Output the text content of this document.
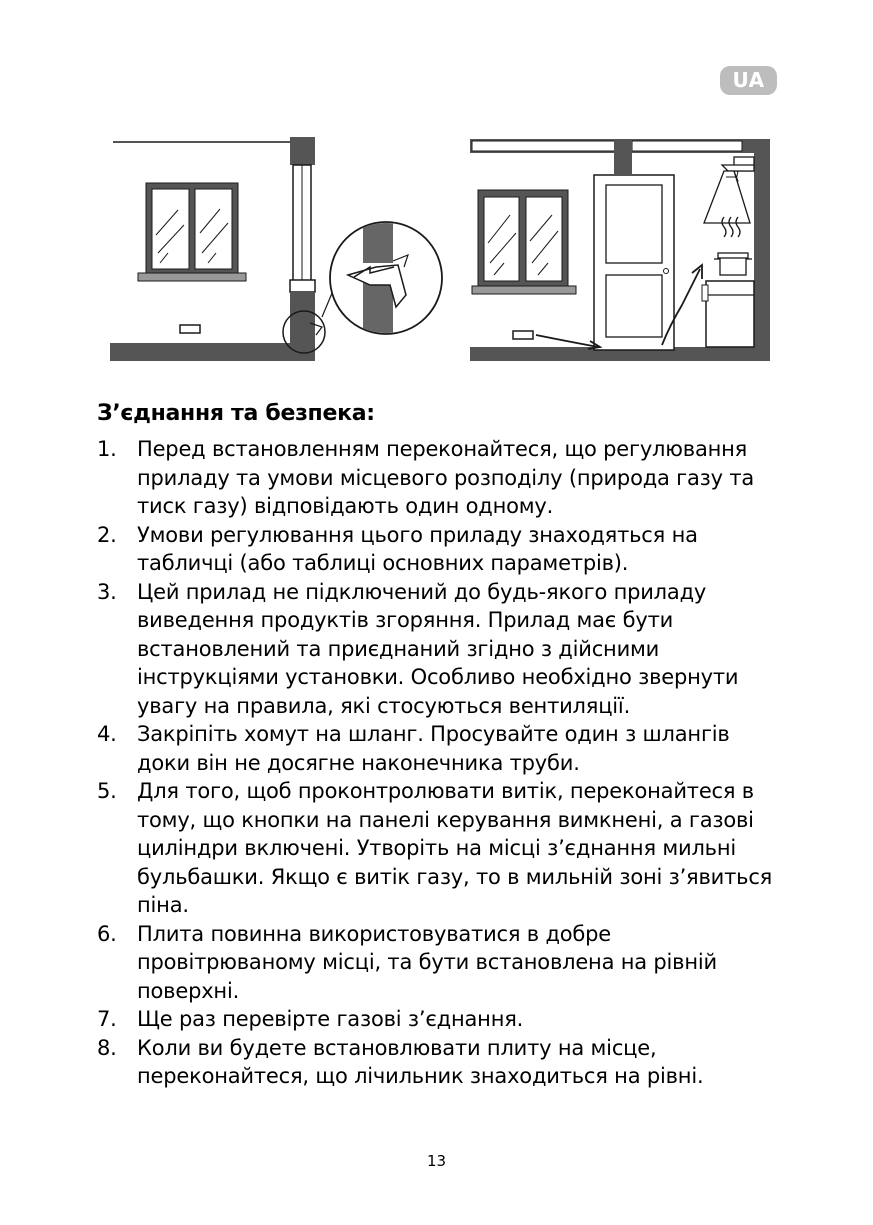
UA
З’єднання та безпека:
1. Перед встановленням переконайтеся, що регулювання приладу та умови місцевого розподілу (природа газу та тиск газу) відповідають один одному.
2. Умови регулювання цього приладу знаходяться на табличці (або таблиці основних параметрів).
3. Цей прилад не підключений до будь-якого приладу виведення продуктів згоряння. Прилад має бути встановлений та приєднаний згідно з дійсними інструкціями установки. Особливо необхідно звернути увагу на правила, які стосуються вентиляції.
4. Закріпіть хомут на шланг. Просувайте один з шлангів доки він не досягне наконечника труби.
5. Для того, щоб проконтролювати витік, переконайтеся в тому, що кнопки на панелі керування вимкнені, а газові циліндри включені. Утворіть на місці з’єднання мильні бульбашки. Якщо є витік газу, то в мильній зоні з’явиться піна.
6. Плита повинна використовуватися в добре провітрюваному місці, та бути встановлена на рівній поверхні.
7. Ще раз перевірте газові з’єднання.
8. Коли ви будете встановлювати плиту на місце, переконайтеся, що лічильник знаходиться на рівні.
13
